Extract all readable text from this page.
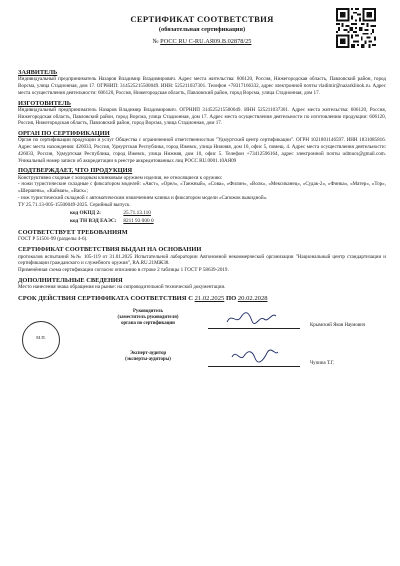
СЕРТИФИКАТ СООТВЕТСТВИЯ
(обязательная сертификация)
№ РОСС RU С-RU.АЯ09.В.02878/25
ЗАЯВИТЕЛЬ
Индивидуальный предприниматель Назаров Владимир Владимирович. Адрес места жительства: 606120, Россия, Нижегородская область, Павловский район, город Ворсма, улица Стадионная, дом 17. ОГРНИП: 314525215500049. ИНН: 525211037301. Телефон +78317166332, адрес электронной почты vladimir@nazarklinok.ru. Адрес места осуществления деятельности: 606120, Россия, Нижегородская область, Павловский район, город Ворсма, улица Стадионная, дом 17.
ИЗГОТОВИТЕЛЬ
Индивидуальный предприниматель Назаров Владимир Владимирович. ОГРНИП 314525215500049. ИНН 525211037301. Адрес места жительства: 606120, Россия, Нижегородская область, Павловский район, город Ворсма, улица Стадионная, дом 17. Адрес места осуществления деятельности по изготовлению продукции: 606120, Россия, Нижегородская область, Павловский район, город Ворсма, улица Стадионная, дом 17.
ОРГАН ПО СЕРТИФИКАЦИИ
Орган по сертификации продукции и услуг Общества с ограниченной ответственностью "Удмуртский центр сертификации". ОГРН 1021801146597. ИНН 1831085816. Адрес места нахождения: 426033, Россия, Удмуртская Республика, город Ижевск, улица Нижняя, дом 10, офис 5, помещ. 4. Адрес места осуществления деятельности: 426033, Россия, Удмуртская Республика, город Ижевск, улица Нижняя, дом 10, офис 5. Телефон +73412596164, адрес электронной почты udmucs@gmail.com. Уникальный номер записи об аккредитации в реестре аккредитованных лиц РОСС RU.0001.10АЯ09
ПОДТВЕРЖДАЕТ, ЧТО ПРОДУКЦИЯ
Конструктивно сходные с холодным клинковым оружием изделия, не относящиеся к оружию:
- ножи туристические складные с фиксатором моделей: «Авст», «Орел», «Таежный», «Сова», «Филин», «Волк», «Мексиканец», «Судак-2», «Финка», «Матер», «Тор», «Шершень», «Кайман», «Васк»;
- нож туристический складной с автоматическим извлечением клинка и фиксатором модели «Сапожок выкидной».
ТУ 25.71.13-005-15500049-2025. Серийный выпуск.
код ОКПД 2:	25.71.13.110
код ТН ВЭД ЕАЭС: 8211 93 000 0
СООТВЕТСТВУЕТ ТРЕБОВАНИЯМ
ГОСТ Р 51501-99 (разделы 4-6).
СЕРТИФИКАТ СООТВЕТСТВИЯ ВЫДАН НА ОСНОВАНИИ
протоколов испытаний №№ 105-119 от 31.01.2025 Испытательной лаборатории Автономной некоммерческой организации "Национальный центр стандартизации и сертификации гражданского и служебного оружия", RA.RU.21МЖ38.
Применённая схема сертификации согласно описанию в строке 2 таблицы 1 ГОСТ Р 58639-2019.
ДОПОЛНИТЕЛЬНЫЕ СВЕДЕНИЯ
Место нанесения знака обращения на рынке: на сопроводительной технической документации.
СРОК ДЕЙСТВИЯ СЕРТИФИКАТА СООТВЕТСТВИЯ С 21.02.2025 ПО 20.02.2028
М.П.
Руководитель
(заместитель руководителя)
органа по сертификации	Крымский Яков Наумович
Эксперт-аудитор
(эксперты-аудиторы)
Чупина Т.Г.
